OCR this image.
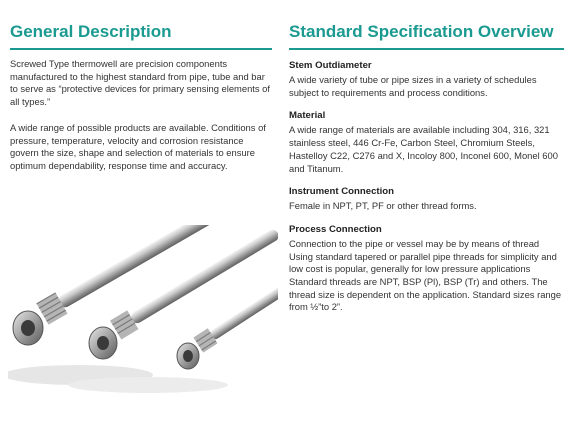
General Description

Screwed Type thermowell are precision components manufactured to the highest standard from pipe, tube and bar to serve as “protective devices for primary sensing elements of all types.”

A wide range of possible products are available. Conditions of pressure, temperature, velocity and corrosion resistance govern the size, shape and selection of materials to ensure optimum dependability, response time and accuracy.

Standard Specification Overview

Stem Outdiameter

A wide variety of tube or pipe sizes in a variety of schedules subject to requirements and process conditions.

Material

A wide range of materials are available including 304, 316, 321 stainless steel, 446 Cr-Fe, Carbon Steel, Chromium Steels, Hastelloy C22, C276 and X, Incoloy 800, Inconel 600, Monel 600 and Titanum.

Instrument Connection

Female in NPT, PT, PF or other thread forms.

Process Connection

Connection to the pipe or vessel may be by means of thread Using standard tapered or parallel pipe threads for simplicity and low cost is popular, generally for low pressure applications Standard threads are NPT, BSP (Pl), BSP (Tr) and others. The thread size is dependent on the application. Standard sizes range from ½”to 2”.
